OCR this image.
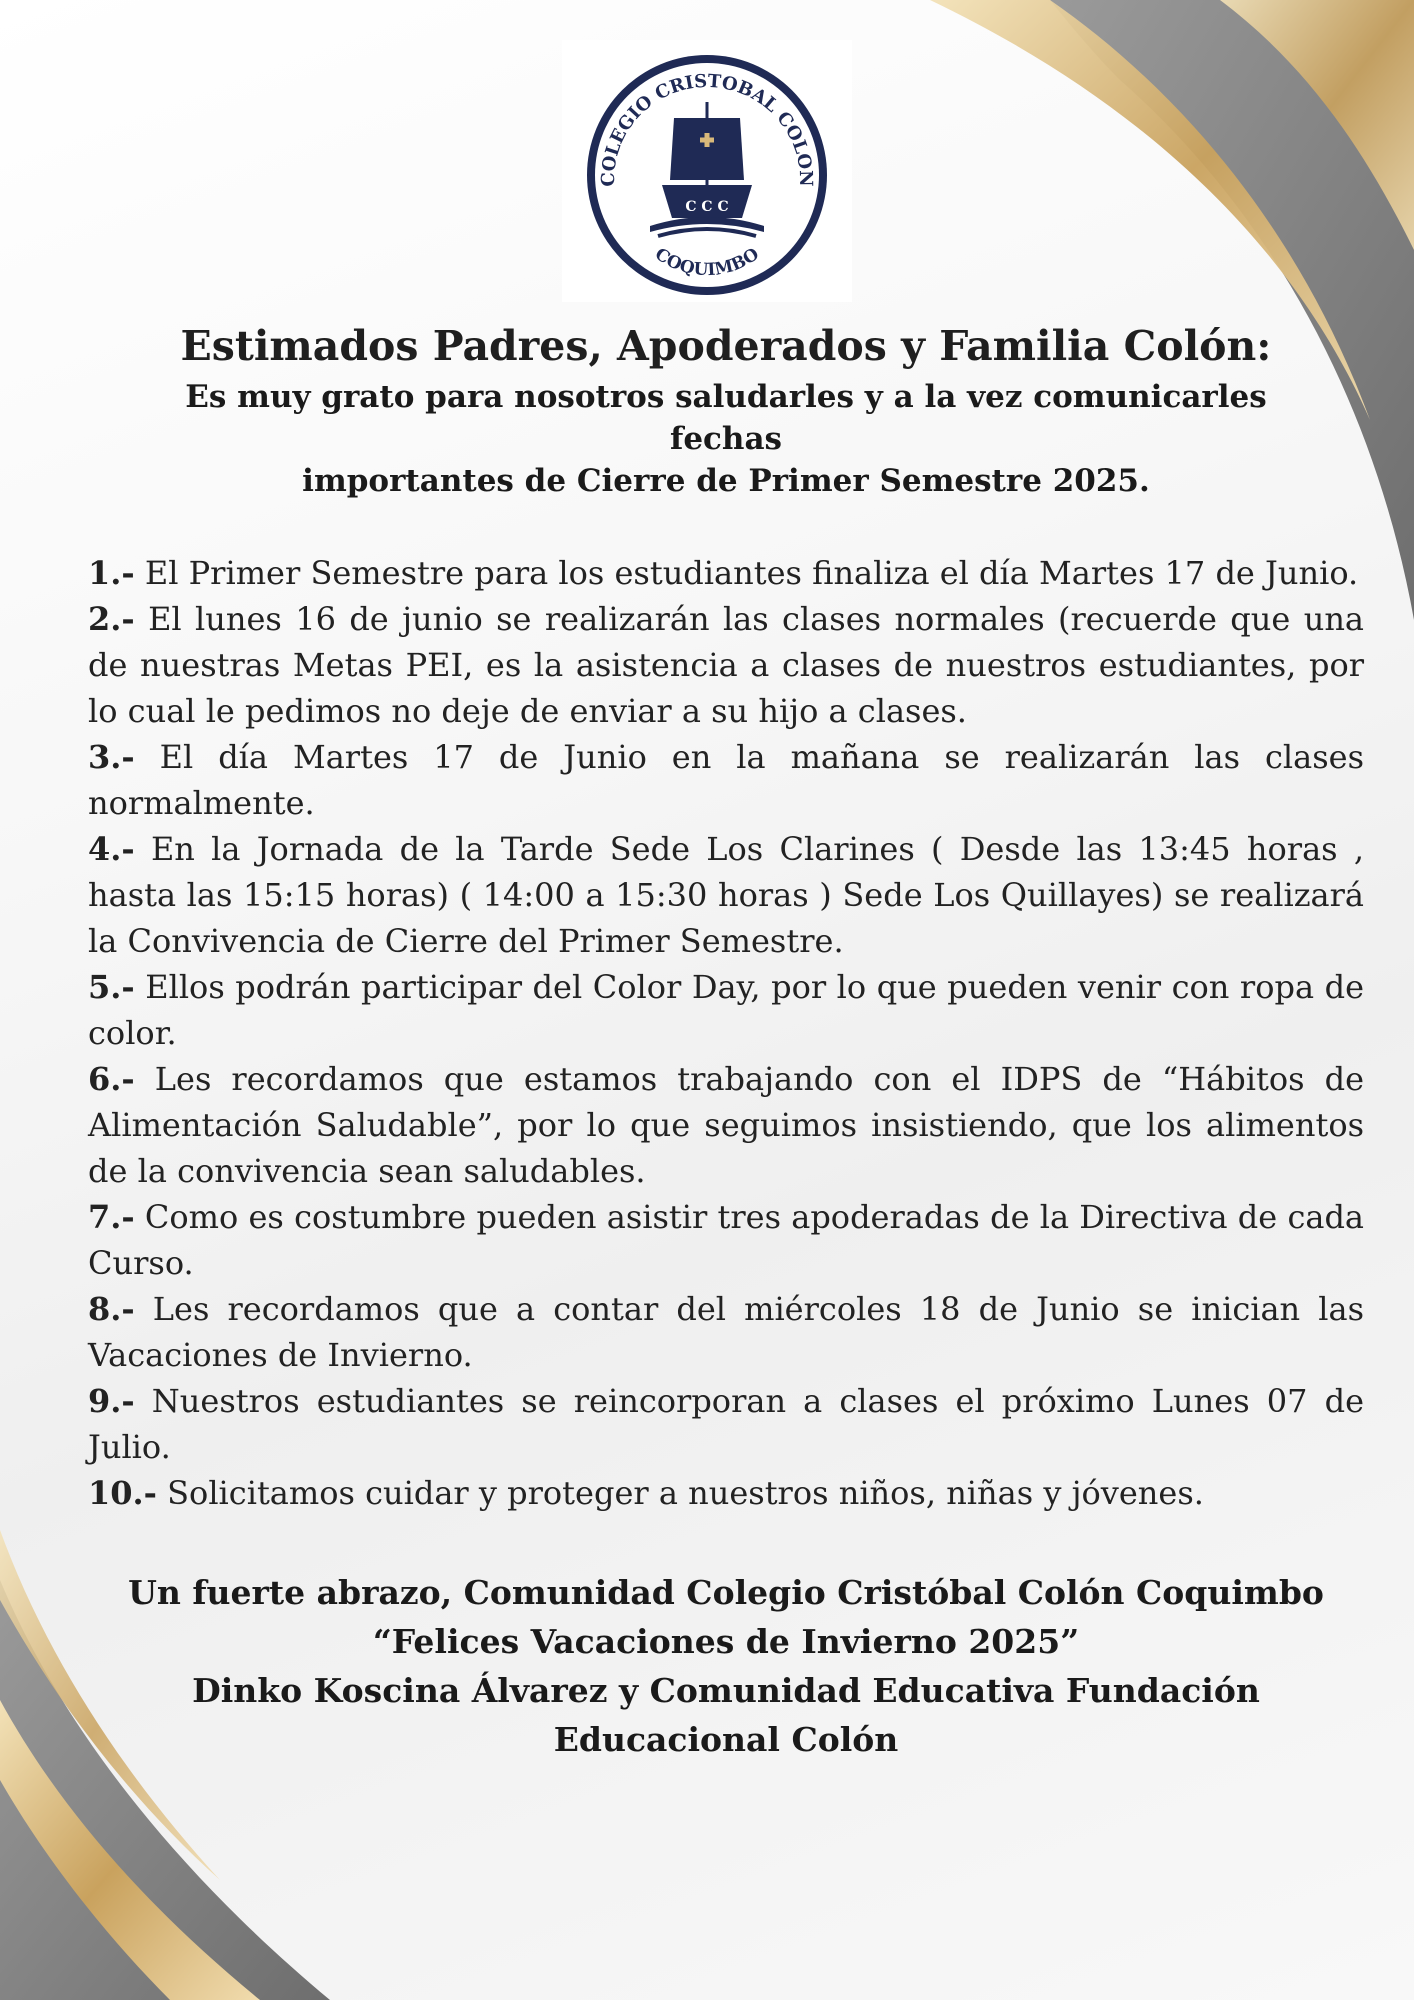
COLEGIO CRISTOBAL COLON
COQUIMBO
C C C
Estimados Padres, Apoderados y Familia Colón:
Es muy grato para nosotros saludarles y a la vez comunicarles fechas
importantes de Cierre de Primer Semestre 2025.
1.- El Primer Semestre para los estudiantes finaliza el día Martes 17 de Junio.
2.- El lunes 16 de junio se realizarán las clases normales (recuerde que una de nuestras Metas PEI, es la asistencia a clases de nuestros estudiantes, por lo cual le pedimos no deje de enviar a su hijo a clases.
3.- El día Martes 17 de Junio en la mañana se realizarán las clases normalmente.
4.- En la Jornada de la Tarde Sede Los Clarines ( Desde las 13:45 horas , hasta las 15:15 horas) ( 14:00 a 15:30 horas ) Sede Los Quillayes) se realizará la Convivencia de Cierre del Primer Semestre.
5.- Ellos podrán participar del Color Day, por lo que pueden venir con ropa de color.
6.- Les recordamos que estamos trabajando con el IDPS de “Hábitos de Alimentación Saludable”, por lo que seguimos insistiendo, que los alimentos de la convivencia sean saludables.
7.- Como es costumbre pueden asistir tres apoderadas de la Directiva de cada Curso.
8.- Les recordamos que a contar del miércoles 18 de Junio se inician las Vacaciones de Invierno.
9.- Nuestros estudiantes se reincorporan a clases el próximo Lunes 07 de Julio.
10.- Solicitamos cuidar y proteger a nuestros niños, niñas y jóvenes.
Un fuerte abrazo, Comunidad Colegio Cristóbal Colón Coquimbo
“Felices Vacaciones de Invierno 2025”
Dinko Koscina Álvarez y Comunidad Educativa Fundación
Educacional Colón
